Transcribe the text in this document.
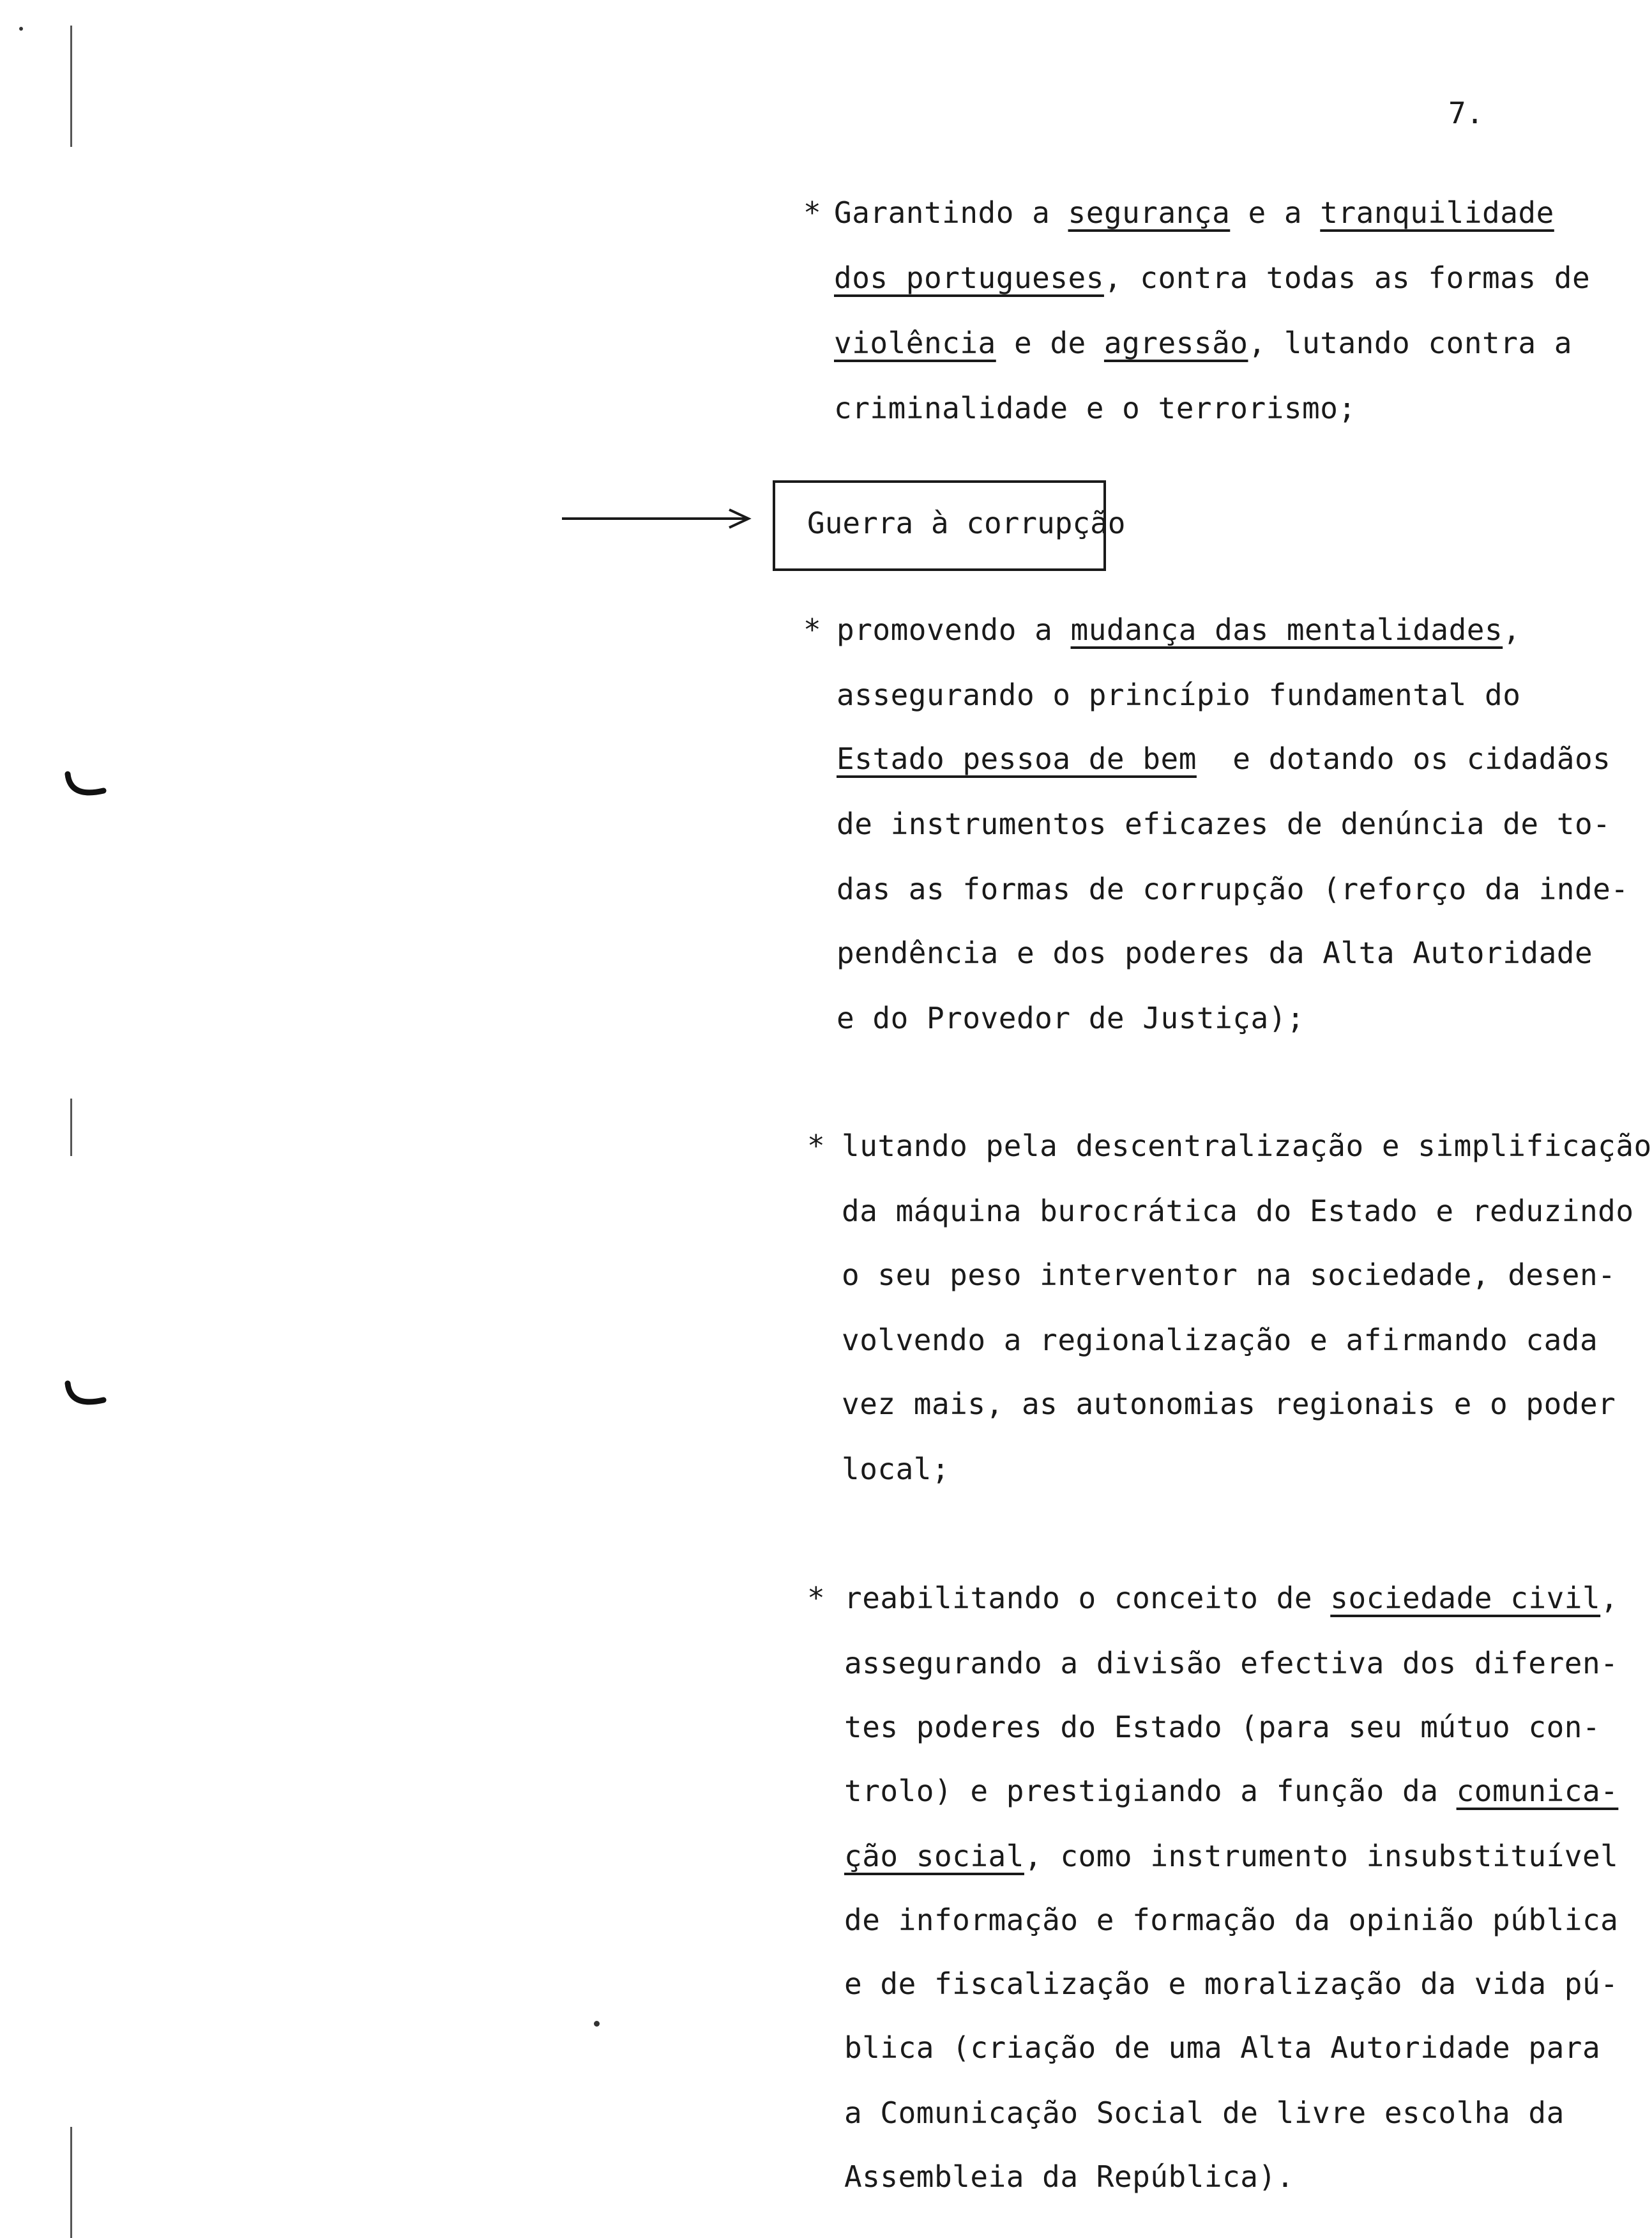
7.
* Garantindo a segurança e a tranquilidade
dos portugueses, contra todas as formas de
violência e de agressão, lutando contra a
criminalidade e o terrorismo;
Guerra à corrupção
* promovendo a mudança das mentalidades,
assegurando o princípio fundamental do
Estado pessoa de bem  e dotando os cidadãos
de instrumentos eficazes de denúncia de to-
das as formas de corrupção (reforço da inde-
pendência e dos poderes da Alta Autoridade
e do Provedor de Justiça);
* lutando pela descentralização e simplificação
da máquina burocrática do Estado e reduzindo
o seu peso interventor na sociedade, desen-
volvendo a regionalização e afirmando cada
vez mais, as autonomias regionais e o poder
local;
* reabilitando o conceito de sociedade civil,
assegurando a divisão efectiva dos diferen-
tes poderes do Estado (para seu mútuo con-
trolo) e prestigiando a função da comunica-
ção social, como instrumento insubstituível
de informação e formação da opinião pública
e de fiscalização e moralização da vida pú-
blica (criação de uma Alta Autoridade para
a Comunicação Social de livre escolha da
Assembleia da República).
